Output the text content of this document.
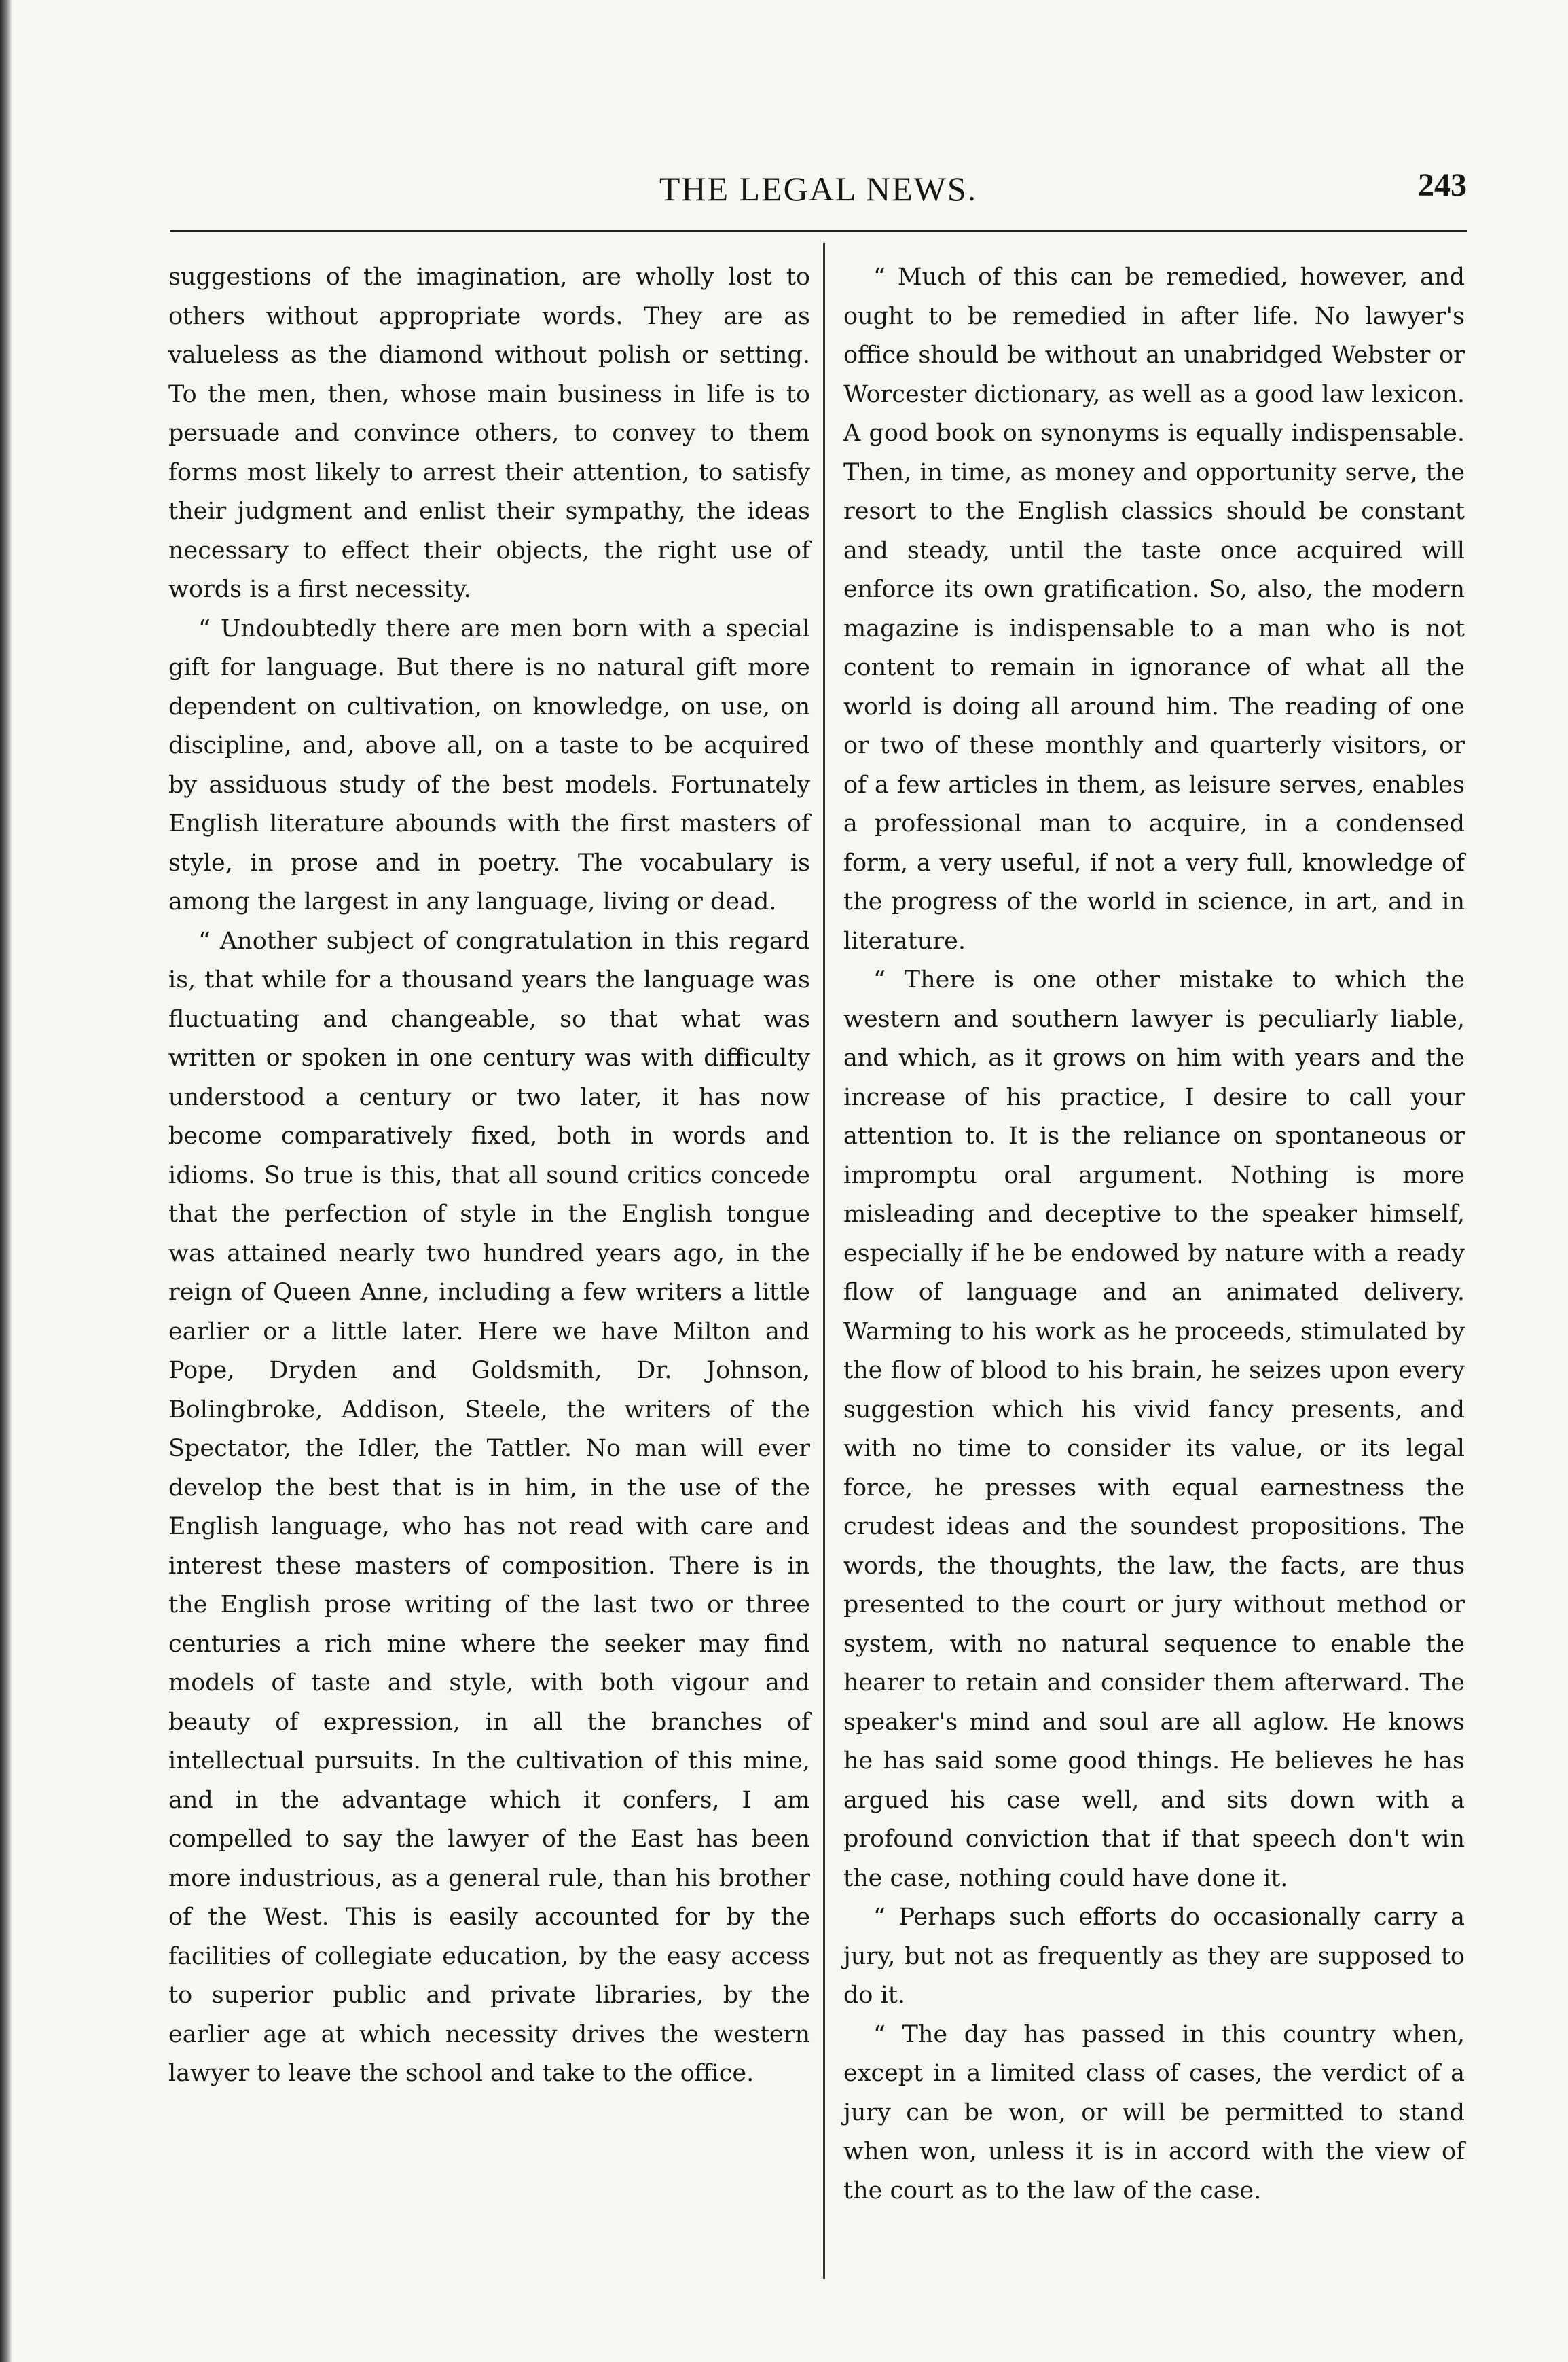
THE LEGAL NEWS.	243

suggestions of the imagination, are wholly lost to others without appropriate words. They are as valueless as the diamond without polish or setting. To the men, then, whose main business in life is to persuade and convince others, to convey to them forms most likely to arrest their attention, to satisfy their judgment and enlist their sympathy, the ideas necessary to effect their objects, the right use of words is a first necessity.

“ Undoubtedly there are men born with a special gift for language. But there is no natural gift more dependent on cultivation, on knowledge, on use, on discipline, and, above all, on a taste to be acquired by assiduous study of the best models. Fortunately English literature abounds with the first masters of style, in prose and in poetry. The vocabulary is among the largest in any language, living or dead.

“ Another subject of congratulation in this regard is, that while for a thousand years the language was fluctuating and changeable, so that what was written or spoken in one century was with difficulty understood a century or two later, it has now become comparatively fixed, both in words and idioms. So true is this, that all sound critics concede that the perfection of style in the English tongue was attained nearly two hundred years ago, in the reign of Queen Anne, including a few writers a little earlier or a little later. Here we have Milton and Pope, Dryden and Goldsmith, Dr. Johnson, Bolingbroke, Addison, Steele, the writers of the Spectator, the Idler, the Tattler. No man will ever develop the best that is in him, in the use of the English language, who has not read with care and interest these masters of composition. There is in the English prose writing of the last two or three centuries a rich mine where the seeker may find models of taste and style, with both vigour and beauty of expression, in all the branches of intellectual pursuits. In the cultivation of this mine, and in the advantage which it confers, I am compelled to say the lawyer of the East has been more industrious, as a general rule, than his brother of the West. This is easily accounted for by the facilities of collegiate education, by the easy access to superior public and private libraries, by the earlier age at which necessity drives the western lawyer to leave the school and take to the office.

“ Much of this can be remedied, however, and ought to be remedied in after life. No lawyer's office should be without an unabridged Webster or Worcester dictionary, as well as a good law lexicon. A good book on synonyms is equally indispensable. Then, in time, as money and opportunity serve, the resort to the English classics should be constant and steady, until the taste once acquired will enforce its own gratification. So, also, the modern magazine is indispensable to a man who is not content to remain in ignorance of what all the world is doing all around him. The reading of one or two of these monthly and quarterly visitors, or of a few articles in them, as leisure serves, enables a professional man to acquire, in a condensed form, a very useful, if not a very full, knowledge of the progress of the world in science, in art, and in literature.

“ There is one other mistake to which the western and southern lawyer is peculiarly liable, and which, as it grows on him with years and the increase of his practice, I desire to call your attention to. It is the reliance on spontaneous or impromptu oral argument. Nothing is more misleading and deceptive to the speaker himself, especially if he be endowed by nature with a ready flow of language and an animated delivery. Warming to his work as he proceeds, stimulated by the flow of blood to his brain, he seizes upon every suggestion which his vivid fancy presents, and with no time to consider its value, or its legal force, he presses with equal earnestness the crudest ideas and the soundest propositions. The words, the thoughts, the law, the facts, are thus presented to the court or jury without method or system, with no natural sequence to enable the hearer to retain and consider them afterward. The speaker's mind and soul are all aglow. He knows he has said some good things. He believes he has argued his case well, and sits down with a profound conviction that if that speech don't win the case, nothing could have done it.

“ Perhaps such efforts do occasionally carry a jury, but not as frequently as they are supposed to do it.

“ The day has passed in this country when, except in a limited class of cases, the verdict of a jury can be won, or will be permitted to stand when won, unless it is in accord with the view of the court as to the law of the case.
